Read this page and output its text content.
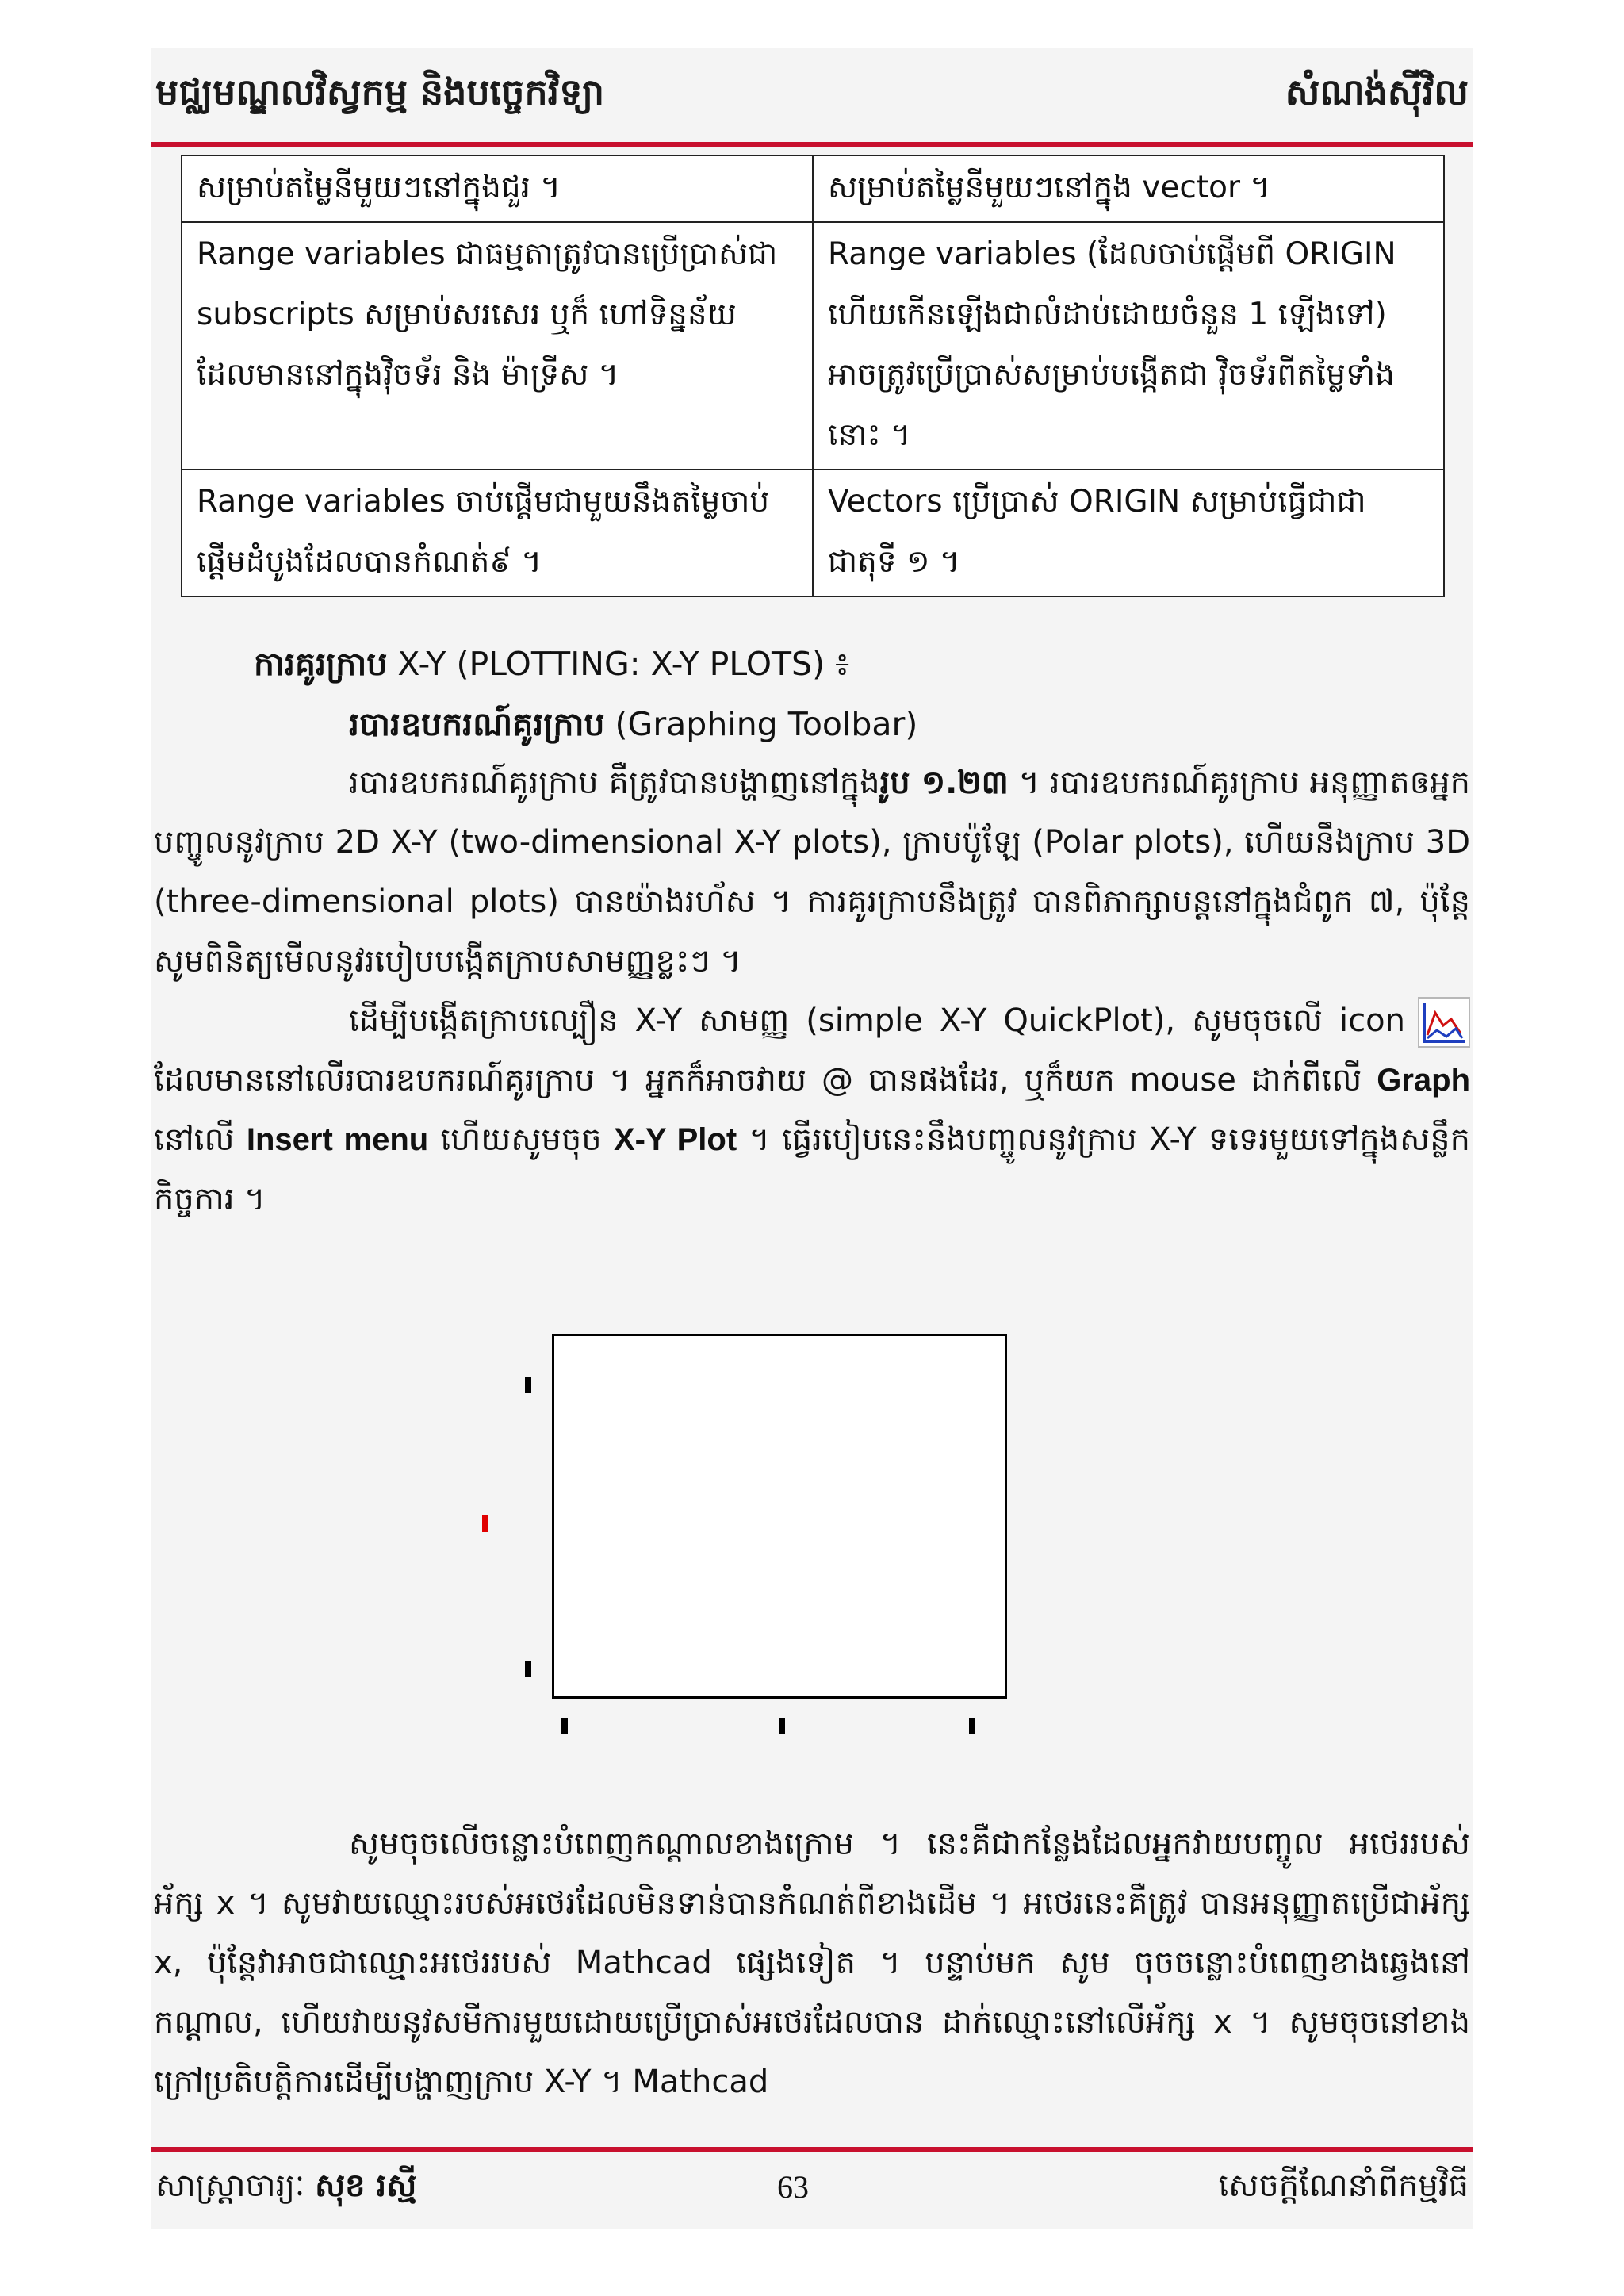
មជ្ឈមណ្ឌលវិស្វកម្ម និងបច្ចេកវិទ្យា	សំណង់ស៊ីវិល
សម្រាប់តម្លៃនីមួយៗនៅក្នុងជួរ ។	សម្រាប់តម្លៃនីមួយៗនៅក្នុង vector ។
Range variables ជាធម្មតាត្រូវបានប្រើប្រាស់ជា subscripts សម្រាប់សរសេរ ឬក៏ ហៅទិន្នន័យ ដែលមាននៅក្នុងវ៉ិចទ័រ និង ម៉ាទ្រីស ។	Range variables (ដែលចាប់ផ្តើមពី ORIGIN ហើយកើនឡើងជាលំដាប់ដោយចំនួន 1 ឡើងទៅ) អាចត្រូវប្រើប្រាស់សម្រាប់បង្កើតជា វ៉ិចទ័រពីតម្លៃទាំងនោះ ។
Range variables ចាប់ផ្តើមជាមួយនឹងតម្លៃចាប់ ផ្តើមដំបូងដែលបានកំណត់៩ ។	Vectors ប្រើប្រាស់ ORIGIN សម្រាប់ធ្វើជាជា ជាតុទី ១ ។
ការគូរក្រាប X-Y (PLOTTING: X-Y PLOTS) ៖
របារឧបករណ៍គូរក្រាប (Graphing Toolbar)
របារឧបករណ៍គូរក្រាប គឺត្រូវបានបង្ហាញនៅក្នុងរូប ១.២៣ ។ របារឧបករណ៍គូរក្រាប អនុញ្ញាតឲអ្នកបញ្ចូលនូវក្រាប 2D X-Y (two-dimensional X-Y plots), ក្រាបប៉ូឡែ (Polar plots), ហើយនឹងក្រាប 3D (three-dimensional plots) បានយ៉ាងរហ័ស ។ ការគូរក្រាបនឹងត្រូវ បានពិភាក្សាបន្តនៅក្នុងជំពូក ៧, ប៉ុន្តែសូមពិនិត្យមើលនូវរបៀបបង្កើតក្រាបសាមញ្ញខ្លះៗ ។
ដើម្បីបង្កើតក្រាបល្បឿន X-Y សាមញ្ញ (simple X-Y QuickPlot), សូមចុចលើ icon ដែលមាននៅលើរបារឧបករណ៍គូរក្រាប ។ អ្នកក៏អាចវាយ @ បានផងដែរ, ឬក៏យក mouse ដាក់ពីលើ Graph នៅលើ Insert menu ហើយសូមចុច X-Y Plot ។ ធ្វើរបៀបនេះនឹងបញ្ចូលនូវក្រាប X-Y ទទេរមួយទៅក្នុងសន្លឹកកិច្ចការ ។
សូមចុចលើចន្លោះបំពេញកណ្តាលខាងក្រោម ។ នេះគឺជាកន្លែងដែលអ្នកវាយបញ្ចូល អថេររបស់អ័ក្ស x ។ សូមវាយឈ្មោះរបស់អថេរដែលមិនទាន់បានកំណត់ពីខាងដើម ។ អថេរនេះគឺត្រូវ បានអនុញ្ញាតប្រើជាអ័ក្ស x, ប៉ុន្តែវាអាចជាឈ្មោះអថេររបស់ Mathcad ផ្សេងទៀត ។ បន្ទាប់មក សូម ចុចចន្លោះបំពេញខាងឆ្វេងនៅកណ្តាល, ហើយវាយនូវសមីការមួយដោយប្រើប្រាស់អថេរដែលបាន ដាក់ឈ្មោះនៅលើអ័ក្ស x ។ សូមចុចនៅខាងក្រៅប្រតិបត្តិការដើម្បីបង្ហាញក្រាប X-Y ។ Mathcad
សាស្ត្រាចារ្យៈ សុខ រស្មី	63	សេចក្តីណែនាំពីកម្មវិធី
